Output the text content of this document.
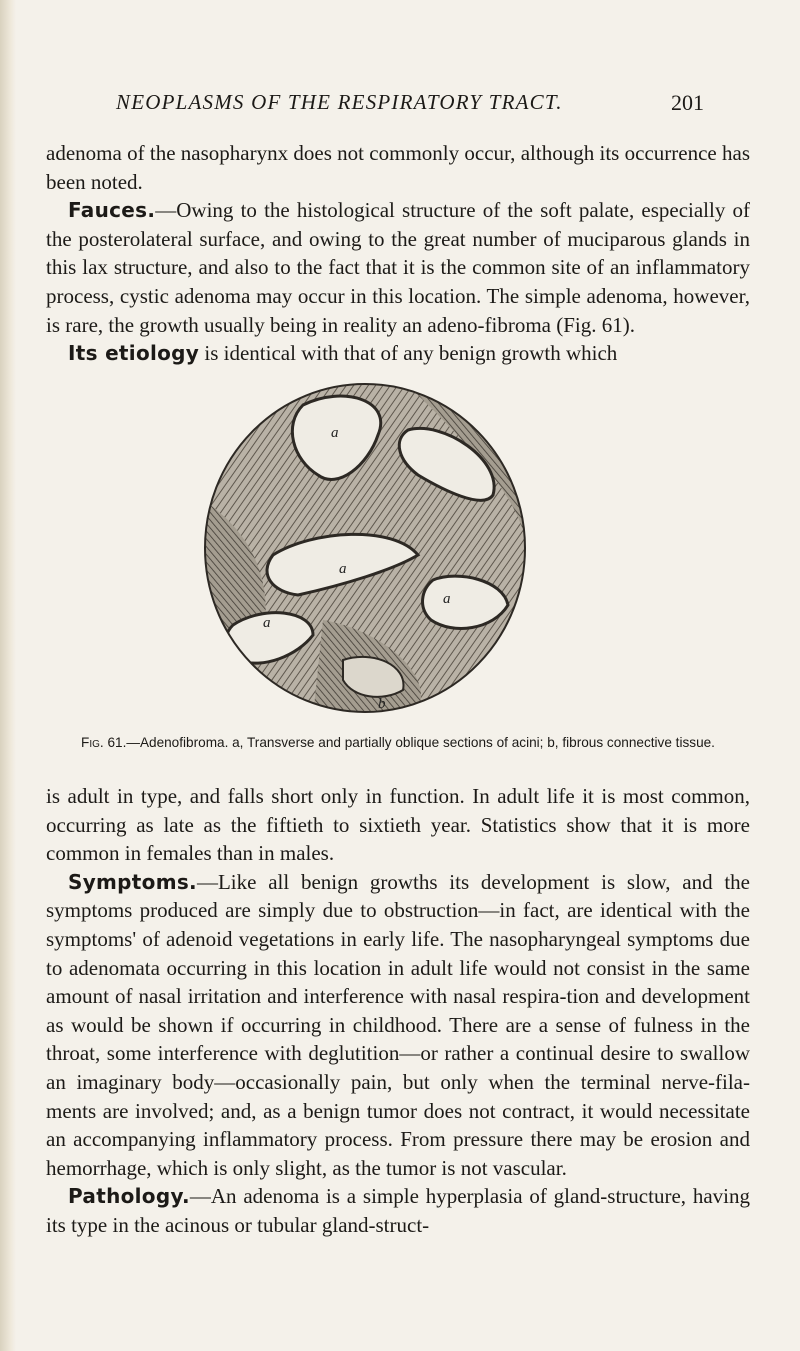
NEOPLASMS OF THE RESPIRATORY TRACT.	201

adenoma of the nasopharynx does not commonly occur, although its occurrence has been noted.

Fauces.—Owing to the histological structure of the soft palate, especially of the posterolateral surface, and owing to the great number of muciparous glands in this lax structure, and also to the fact that it is the common site of an inflammatory process, cystic adenoma may occur in this location. The simple adenoma, however, is rare, the growth usually being in reality an adeno-fibroma (Fig. 61).

Its etiology is identical with that of any benign growth which

a
a
a
a
b
Fig. 61.—Adenofibroma. a, Transverse and partially oblique sections of acini; b, fibrous connective tissue.

is adult in type, and falls short only in function. In adult life it is most common, occurring as late as the fiftieth to sixtieth year. Statistics show that it is more common in females than in males.

Symptoms.—Like all benign growths its development is slow, and the symptoms produced are simply due to obstruction—in fact, are identical with the symptoms' of adenoid vegetations in early life. The nasopharyngeal symptoms due to adenomata occurring in this location in adult life would not consist in the same amount of nasal irritation and interference with nasal respira-tion and development as would be shown if occurring in childhood. There are a sense of fulness in the throat, some interference with deglutition—or rather a continual desire to swallow an imaginary body—occasionally pain, but only when the terminal nerve-fila-ments are involved; and, as a benign tumor does not contract, it would necessitate an accompanying inflammatory process. From pressure there may be erosion and hemorrhage, which is only slight, as the tumor is not vascular.

Pathology.—An adenoma is a simple hyperplasia of gland-structure, having its type in the acinous or tubular gland-struct-
